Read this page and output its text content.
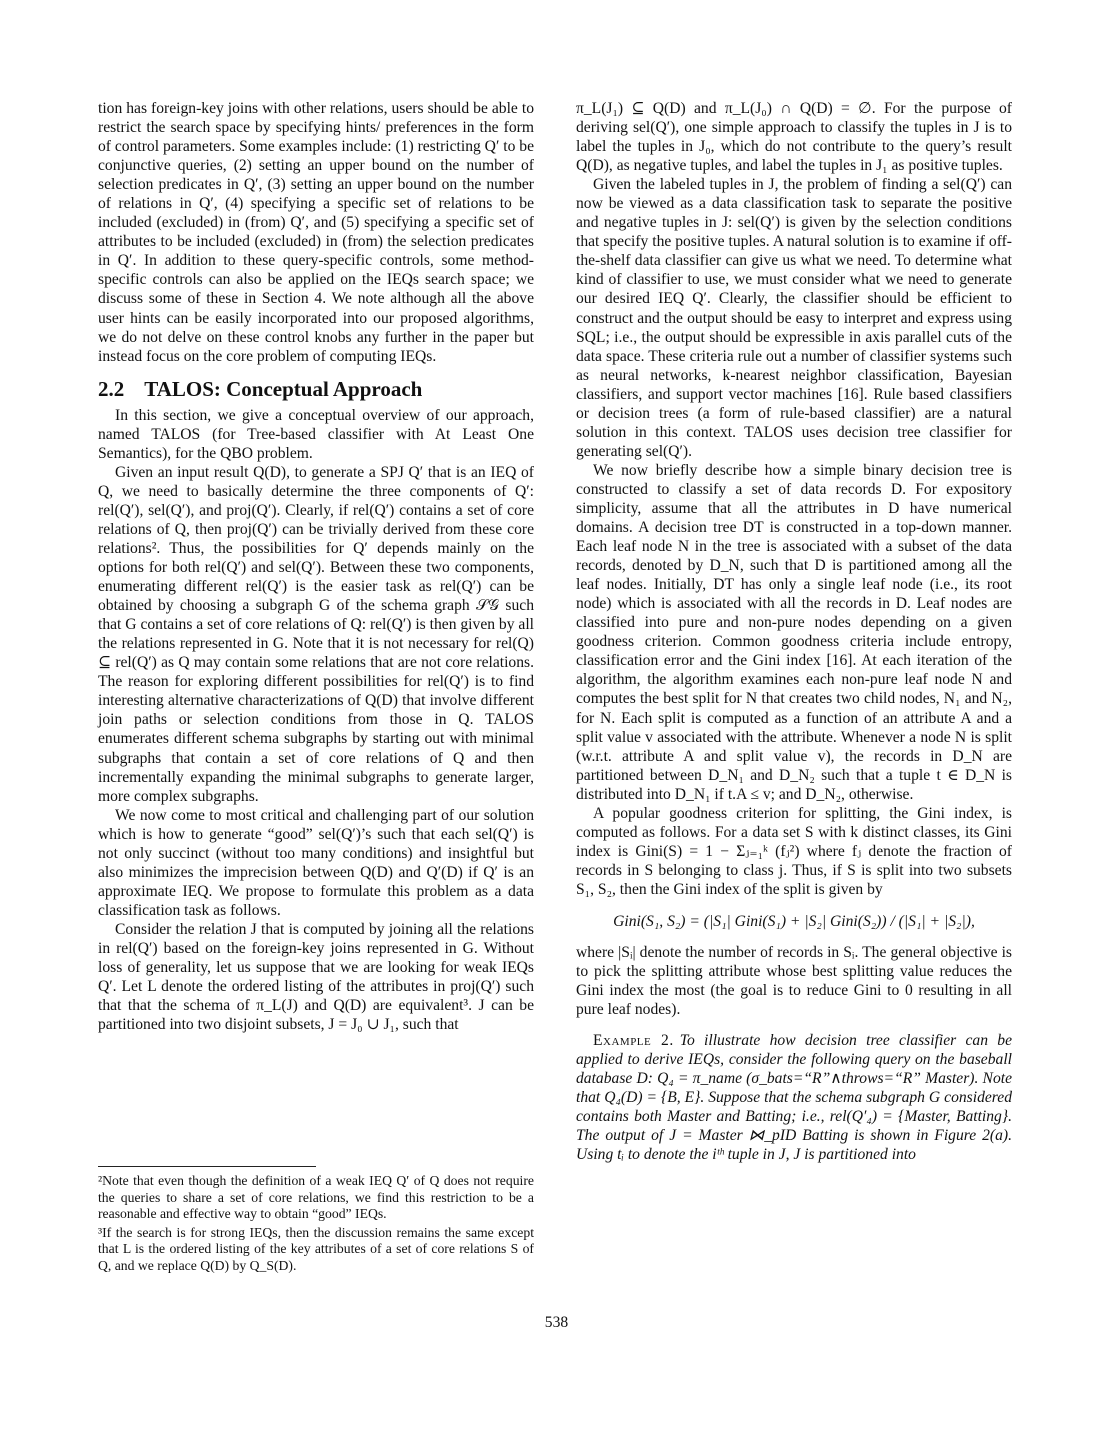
tion has foreign-key joins with other relations, users should be able to restrict the search space by specifying hints/ preferences in the form of control parameters. Some examples include: (1) restricting Q′ to be conjunctive queries, (2) setting an upper bound on the number of selection predicates in Q′, (3) setting an upper bound on the number of relations in Q′, (4) specifying a specific set of relations to be included (excluded) in (from) Q′, and (5) specifying a specific set of attributes to be included (excluded) in (from) the selection predicates in Q′. In addition to these query-specific controls, some method-specific controls can also be applied on the IEQs search space; we discuss some of these in Section 4. We note although all the above user hints can be easily incorporated into our proposed algorithms, we do not delve on these control knobs any further in the paper but instead focus on the core problem of computing IEQs.

2.2 TALOS: Conceptual Approach

In this section, we give a conceptual overview of our approach, named TALOS (for Tree-based classifier with At Least One Semantics), for the QBO problem.

Given an input result Q(D), to generate a SPJ Q′ that is an IEQ of Q, we need to basically determine the three components of Q′: rel(Q′), sel(Q′), and proj(Q′). Clearly, if rel(Q′) contains a set of core relations of Q, then proj(Q′) can be trivially derived from these core relations². Thus, the possibilities for Q′ depends mainly on the options for both rel(Q′) and sel(Q′). Between these two components, enumerating different rel(Q′) is the easier task as rel(Q′) can be obtained by choosing a subgraph G of the schema graph 𝒮𝒢 such that G contains a set of core relations of Q: rel(Q′) is then given by all the relations represented in G. Note that it is not necessary for rel(Q) ⊆ rel(Q′) as Q may contain some relations that are not core relations. The reason for exploring different possibilities for rel(Q′) is to find interesting alternative characterizations of Q(D) that involve different join paths or selection conditions from those in Q. TALOS enumerates different schema subgraphs by starting out with minimal subgraphs that contain a set of core relations of Q and then incrementally expanding the minimal subgraphs to generate larger, more complex subgraphs.

We now come to most critical and challenging part of our solution which is how to generate “good” sel(Q′)’s such that each sel(Q′) is not only succinct (without too many conditions) and insightful but also minimizes the imprecision between Q(D) and Q′(D) if Q′ is an approximate IEQ. We propose to formulate this problem as a data classification task as follows.

Consider the relation J that is computed by joining all the relations in rel(Q′) based on the foreign-key joins represented in G. Without loss of generality, let us suppose that we are looking for weak IEQs Q′. Let L denote the ordered listing of the attributes in proj(Q′) such that that the schema of π_L(J) and Q(D) are equivalent³. J can be partitioned into two disjoint subsets, J = J₀ ∪ J₁, such that

²Note that even though the definition of a weak IEQ Q′ of Q does not require the queries to share a set of core relations, we find this restriction to be a reasonable and effective way to obtain “good” IEQs.

³If the search is for strong IEQs, then the discussion remains the same except that L is the ordered listing of the key attributes of a set of core relations S of Q, and we replace Q(D) by Q_S(D).

π_L(J₁) ⊆ Q(D) and π_L(J₀) ∩ Q(D) = ∅. For the purpose of deriving sel(Q′), one simple approach to classify the tuples in J is to label the tuples in J₀, which do not contribute to the query’s result Q(D), as negative tuples, and label the tuples in J₁ as positive tuples.

Given the labeled tuples in J, the problem of finding a sel(Q′) can now be viewed as a data classification task to separate the positive and negative tuples in J: sel(Q′) is given by the selection conditions that specify the positive tuples. A natural solution is to examine if off-the-shelf data classifier can give us what we need. To determine what kind of classifier to use, we must consider what we need to generate our desired IEQ Q′. Clearly, the classifier should be efficient to construct and the output should be easy to interpret and express using SQL; i.e., the output should be expressible in axis parallel cuts of the data space. These criteria rule out a number of classifier systems such as neural networks, k-nearest neighbor classification, Bayesian classifiers, and support vector machines [16]. Rule based classifiers or decision trees (a form of rule-based classifier) are a natural solution in this context. TALOS uses decision tree classifier for generating sel(Q′).

We now briefly describe how a simple binary decision tree is constructed to classify a set of data records D. For expository simplicity, assume that all the attributes in D have numerical domains. A decision tree DT is constructed in a top-down manner. Each leaf node N in the tree is associated with a subset of the data records, denoted by D_N, such that D is partitioned among all the leaf nodes. Initially, DT has only a single leaf node (i.e., its root node) which is associated with all the records in D. Leaf nodes are classified into pure and non-pure nodes depending on a given goodness criterion. Common goodness criteria include entropy, classification error and the Gini index [16]. At each iteration of the algorithm, the algorithm examines each non-pure leaf node N and computes the best split for N that creates two child nodes, N₁ and N₂, for N. Each split is computed as a function of an attribute A and a split value v associated with the attribute. Whenever a node N is split (w.r.t. attribute A and split value v), the records in D_N are partitioned between D_N₁ and D_N₂ such that a tuple t ∈ D_N is distributed into D_N₁ if t.A ≤ v; and D_N₂, otherwise.

A popular goodness criterion for splitting, the Gini index, is computed as follows. For a data set S with k distinct classes, its Gini index is Gini(S) = 1 − Σⱼ₌₁ᵏ (fⱼ²) where fⱼ denote the fraction of records in S belonging to class j. Thus, if S is split into two subsets S₁, S₂, then the Gini index of the split is given by

Gini(S₁, S₂) = (|S₁| Gini(S₁) + |S₂| Gini(S₂)) / (|S₁| + |S₂|),

where |Sᵢ| denote the number of records in Sᵢ. The general objective is to pick the splitting attribute whose best splitting value reduces the Gini index the most (the goal is to reduce Gini to 0 resulting in all pure leaf nodes).

Example 2. To illustrate how decision tree classifier can be applied to derive IEQs, consider the following query on the baseball database D: Q₄ = π_name (σ_bats=“R”∧throws=“R” Master). Note that Q₄(D) = {B, E}. Suppose that the schema subgraph G considered contains both Master and Batting; i.e., rel(Q′₄) = {Master, Batting}. The output of J = Master ⋈_pID Batting is shown in Figure 2(a). Using tᵢ to denote the iᵗʰ tuple in J, J is partitioned into

538
